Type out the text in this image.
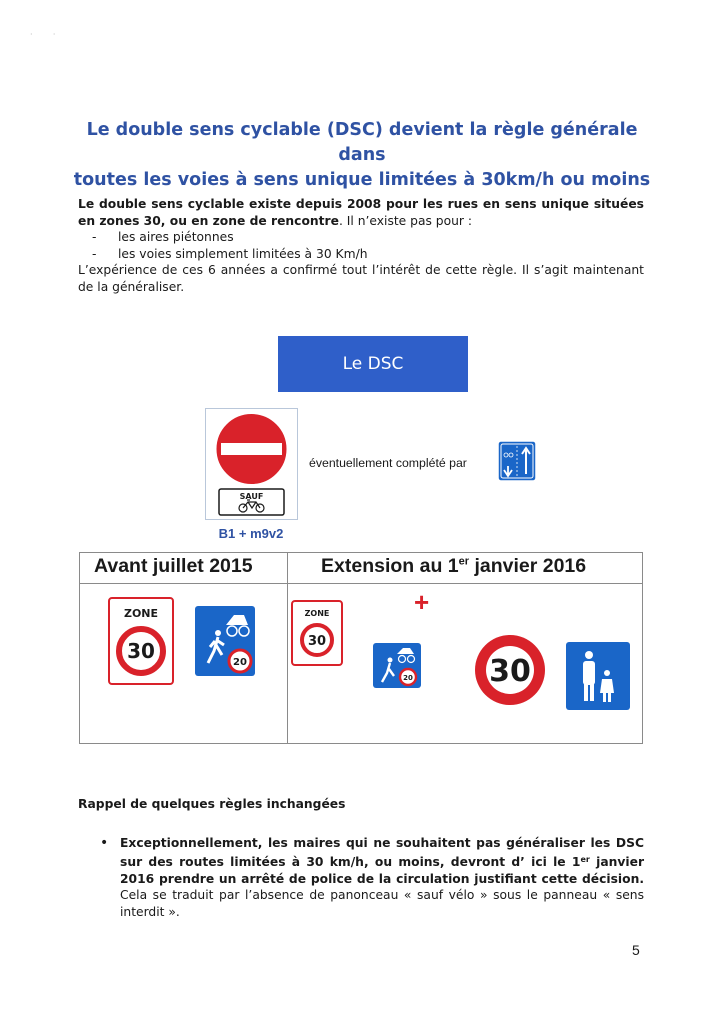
·        ·
Le double sens cyclable (DSC) devient la règle générale dans
toutes les voies à sens unique limitées à 30km/h ou moins
Le double sens cyclable existe depuis 2008 pour les rues en sens unique situées en zones 30, ou en zone de rencontre. Il n’existe pas pour :
- les aires piétonnes
- les voies simplement limitées à 30 Km/h
L’expérience de ces 6 années a confirmé tout l’intérêt de cette règle. Il s’agit maintenant de la généraliser.
Le DSC
SAUF
B1 + m9v2
éventuellement complété par
Avant juillet 2015	Extension au 1er janvier 2016
ZONE
30	20
ZONE
30
+
20	30
Rappel de quelques règles inchangées
• Exceptionnellement, les maires qui ne souhaitent pas généraliser les DSC sur des routes limitées à 30 km/h, ou moins, devront d’ ici le 1er janvier 2016 prendre un arrêté de police de la circulation justifiant cette décision. Cela se traduit par l’absence de panonceau « sauf vélo » sous le panneau « sens interdit ».
5
